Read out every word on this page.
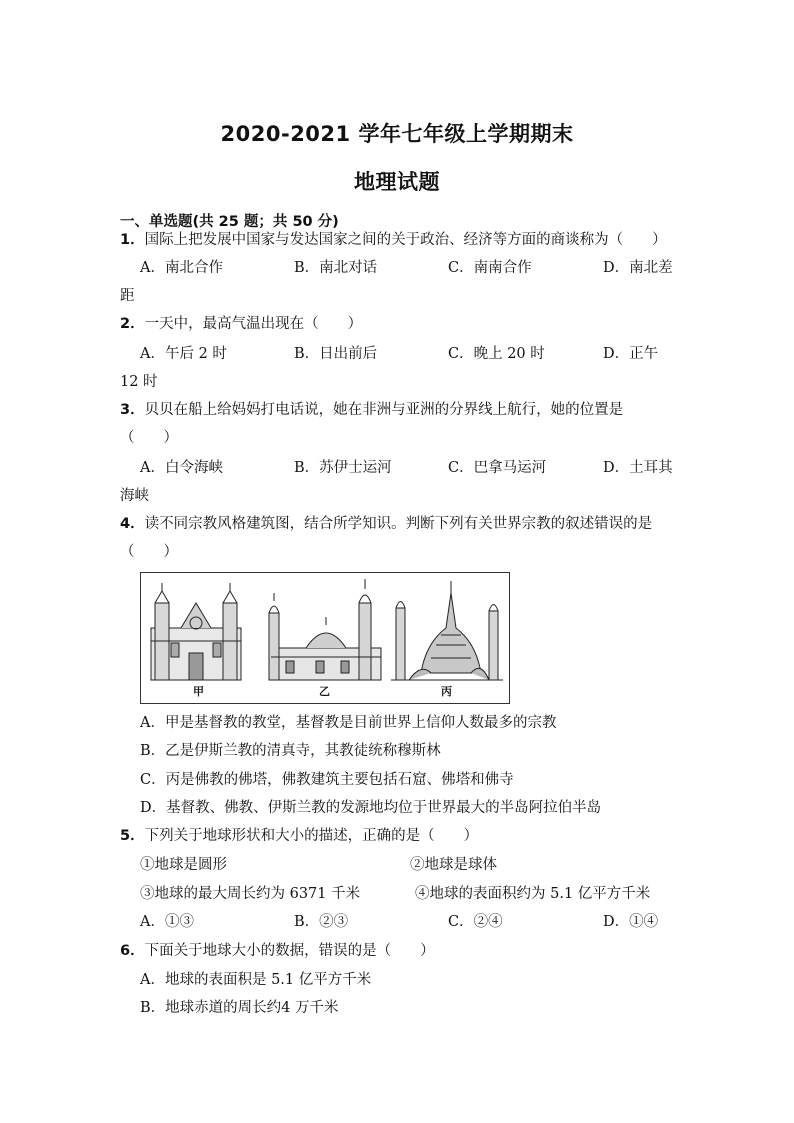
2020-2021 学年七年级上学期期末
地理试题
一、单选题(共 25 题；共 50 分)
1．国际上把发展中国家与发达国家之间的关于政治、经济等方面的商谈称为（　　）
A．南北合作	B．南北对话	C．南南合作	D．南北差
距
2．一天中，最高气温出现在（　　）
A．午后 2 时	B．日出前后	C．晚上 20 时	D．正午
12 时
3．贝贝在船上给妈妈打电话说，她在非洲与亚洲的分界线上航行，她的位置是
（　　）
A．白令海峡	B．苏伊士运河	C．巴拿马运河	D．土耳其
海峡
4．读不同宗教风格建筑图，结合所学知识。判断下列有关世界宗教的叙述错误的是
（　　）
甲	乙	丙
A．甲是基督教的教堂，基督教是目前世界上信仰人数最多的宗教
B．乙是伊斯兰教的清真寺，其教徒统称穆斯林
C．丙是佛教的佛塔，佛教建筑主要包括石窟、佛塔和佛寺
D．基督教、佛教、伊斯兰教的发源地均位于世界最大的半岛阿拉伯半岛
5．下列关于地球形状和大小的描述，正确的是（　　）
①地球是圆形	②地球是球体
③地球的最大周长约为 6371 千米	④地球的表面积约为 5.1 亿平方千米
A．①③	B．②③	C．②④	D．①④
6．下面关于地球大小的数据，错误的是（　　）
A．地球的表面积是 5.1 亿平方千米
B．地球赤道的周长约4 万千米
